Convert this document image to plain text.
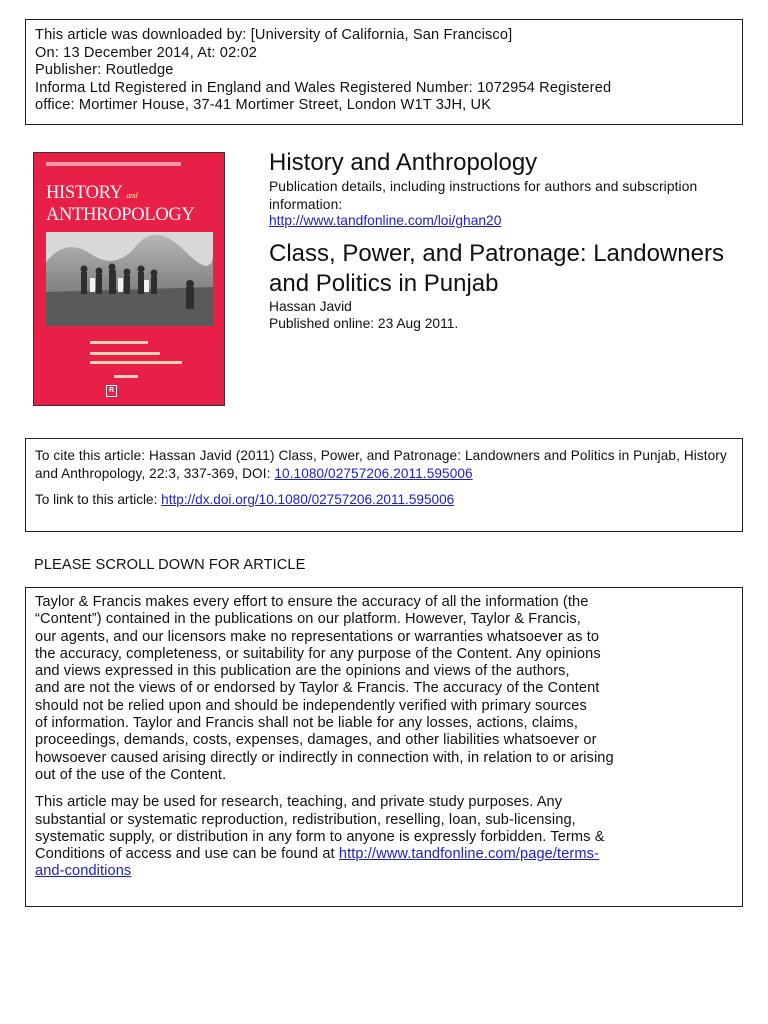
This article was downloaded by: [University of California, San Francisco]
On: 13 December 2014, At: 02:02
Publisher: Routledge
Informa Ltd Registered in England and Wales Registered Number: 1072954 Registered
office: Mortimer House, 37-41 Mortimer Street, London W1T 3JH, UK
HISTORY and
ANTHROPOLOGY
R
History and Anthropology
Publication details, including instructions for authors and subscription information:
http://www.tandfonline.com/loi/ghan20
Class, Power, and Patronage: Landowners and Politics in Punjab
Hassan Javid
Published online: 23 Aug 2011.
To cite this article: Hassan Javid (2011) Class, Power, and Patronage: Landowners and Politics in Punjab, History and Anthropology, 22:3, 337-369, DOI: 10.1080/02757206.2011.595006
To link to this article: http://dx.doi.org/10.1080/02757206.2011.595006
PLEASE SCROLL DOWN FOR ARTICLE
Taylor & Francis makes every effort to ensure the accuracy of all the information (the
“Content”) contained in the publications on our platform. However, Taylor & Francis,
our agents, and our licensors make no representations or warranties whatsoever as to
the accuracy, completeness, or suitability for any purpose of the Content. Any opinions
and views expressed in this publication are the opinions and views of the authors,
and are not the views of or endorsed by Taylor & Francis. The accuracy of the Content
should not be relied upon and should be independently verified with primary sources
of information. Taylor and Francis shall not be liable for any losses, actions, claims,
proceedings, demands, costs, expenses, damages, and other liabilities whatsoever or
howsoever caused arising directly or indirectly in connection with, in relation to or arising
out of the use of the Content.
This article may be used for research, teaching, and private study purposes. Any
substantial or systematic reproduction, redistribution, reselling, loan, sub-licensing,
systematic supply, or distribution in any form to anyone is expressly forbidden. Terms &
Conditions of access and use can be found at http://www.tandfonline.com/page/terms-
and-conditions
